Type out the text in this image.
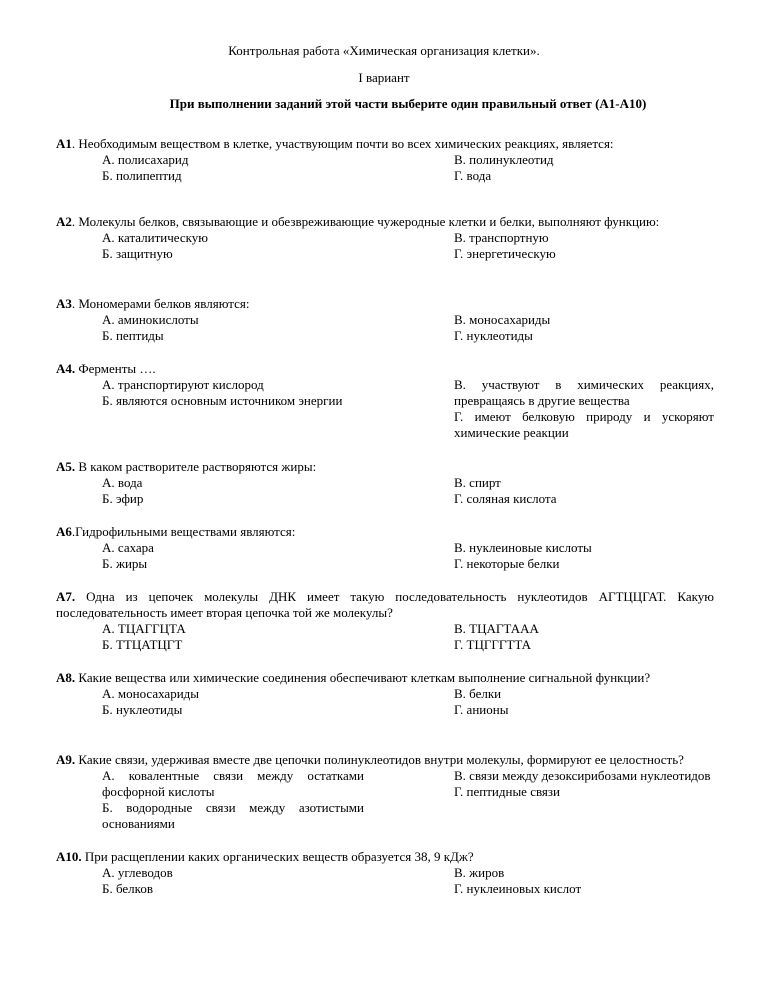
Контрольная работа «Химическая организация клетки».
I вариант
При выполнении заданий этой части выберите один правильный ответ (А1-А10)
А1. Необходимым веществом в клетке, участвующим почти во всех химических реакциях, является:
А. полисахарид
Б. полипептид
В. полинуклеотид
Г. вода
А2. Молекулы белков, связывающие и обезвреживающие чужеродные клетки и белки, выполняют функцию:
А. каталитическую
Б. защитную
В. транспортную
Г. энергетическую
А3. Мономерами белков являются:
А. аминокислоты
Б. пептиды
В. моносахариды
Г. нуклеотиды
А4. Ферменты ….
А. транспортируют кислород
Б. являются основным источником энергии
В. участвуют в химических реакциях, превращаясь в другие вещества
Г. имеют белковую природу и ускоряют химические реакции
А5. В каком растворителе растворяются жиры:
А. вода
Б. эфир
В. спирт
Г. соляная кислота
А6.Гидрофильными веществами являются:
А. сахара
Б. жиры
В. нуклеиновые кислоты
Г. некоторые белки
А7. Одна из цепочек молекулы ДНК имеет такую последовательность нуклеотидов АГТЦЦГАТ. Какую последовательность имеет вторая цепочка той же молекулы?
А. ТЦАГГЦТА
Б. ТТЦАТЦГТ
В. ТЦАГТААА
Г. ТЦГГГТТА
А8. Какие вещества или химические соединения обеспечивают клеткам выполнение сигнальной функции?
А. моносахариды
Б. нуклеотиды
В. белки
Г. анионы
А9. Какие связи, удерживая вместе две цепочки полинуклеотидов внутри молекулы, формируют ее целостность?
А. ковалентные связи между остатками фосфорной кислоты
Б. водородные связи между азотистыми основаниями
В. связи между дезоксирибозами нуклеотидов
Г. пептидные связи
А10. При расщеплении каких органических веществ образуется 38, 9 кДж?
А. углеводов
Б. белков
В. жиров
Г. нуклеиновых кислот
